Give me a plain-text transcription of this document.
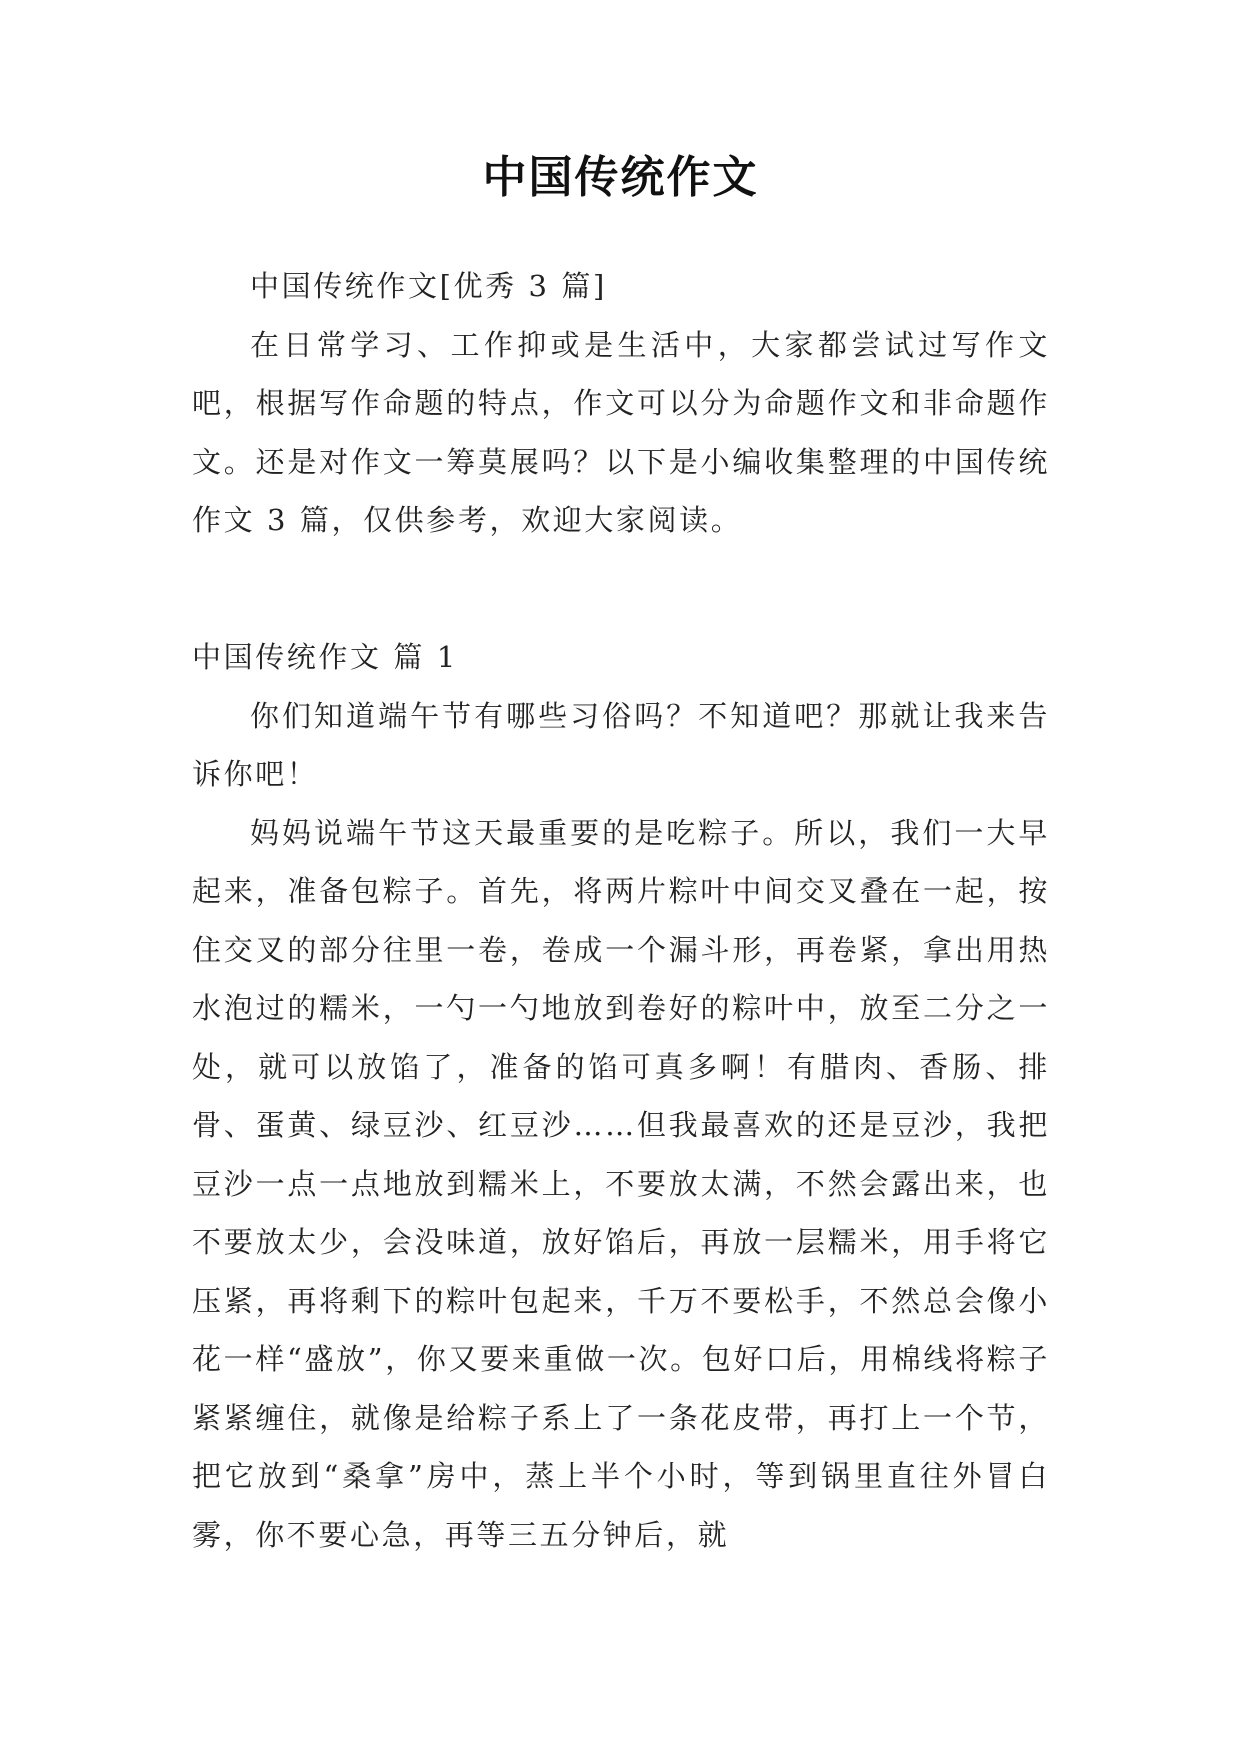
中国传统作文

中国传统作文[优秀 3 篇]

在日常学习、工作抑或是生活中，大家都尝试过写作文吧，根据写作命题的特点，作文可以分为命题作文和非命题作文。还是对作文一筹莫展吗？以下是小编收集整理的中国传统作文 3 篇，仅供参考，欢迎大家阅读。

中国传统作文 篇 1

你们知道端午节有哪些习俗吗？不知道吧？那就让我来告诉你吧！

妈妈说端午节这天最重要的是吃粽子。所以，我们一大早起来，准备包粽子。首先，将两片粽叶中间交叉叠在一起，按住交叉的部分往里一卷，卷成一个漏斗形，再卷紧，拿出用热水泡过的糯米，一勺一勺地放到卷好的粽叶中，放至二分之一处，就可以放馅了，准备的馅可真多啊！有腊肉、香肠、排骨、蛋黄、绿豆沙、红豆沙……但我最喜欢的还是豆沙，我把豆沙一点一点地放到糯米上，不要放太满，不然会露出来，也不要放太少，会没味道，放好馅后，再放一层糯米，用手将它压紧，再将剩下的粽叶包起来，千万不要松手，不然总会像小花一样“盛放”，你又要来重做一次。包好口后，用棉线将粽子紧紧缠住，就像是给粽子系上了一条花皮带，再打上一个节，把它放到“桑拿”房中，蒸上半个小时，等到锅里直往外冒白雾，你不要心急，再等三五分钟后，就
